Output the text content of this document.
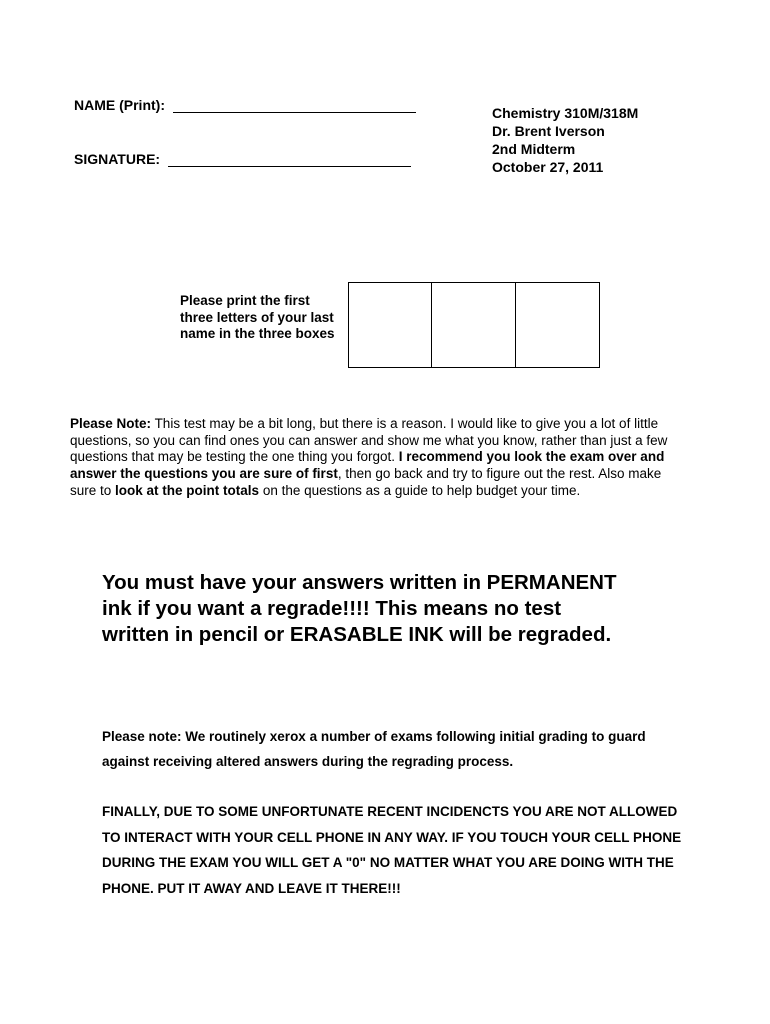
NAME (Print):
SIGNATURE:
Chemistry 310M/318M
Dr. Brent Iverson
2nd Midterm
October 27, 2011
Please print the first three letters of your last name in the three boxes
Please Note: This test may be a bit long, but there is a reason. I would like to give you a lot of little questions, so you can find ones you can answer and show me what you know, rather than just a few questions that may be testing the one thing you forgot. I recommend you look the exam over and answer the questions you are sure of first, then go back and try to figure out the rest. Also make sure to look at the point totals on the questions as a guide to help budget your time.
You must have your answers written in PERMANENT ink if you want a regrade!!!! This means no test written in pencil or ERASABLE INK will be regraded.
Please note: We routinely xerox a number of exams following initial grading to guard against receiving altered answers during the regrading process.
FINALLY, DUE TO SOME UNFORTUNATE RECENT INCIDENCTS YOU ARE NOT ALLOWED TO INTERACT WITH YOUR CELL PHONE IN ANY WAY. IF YOU TOUCH YOUR CELL PHONE DURING THE EXAM YOU WILL GET A "0" NO MATTER WHAT YOU ARE DOING WITH THE PHONE. PUT IT AWAY AND LEAVE IT THERE!!!
